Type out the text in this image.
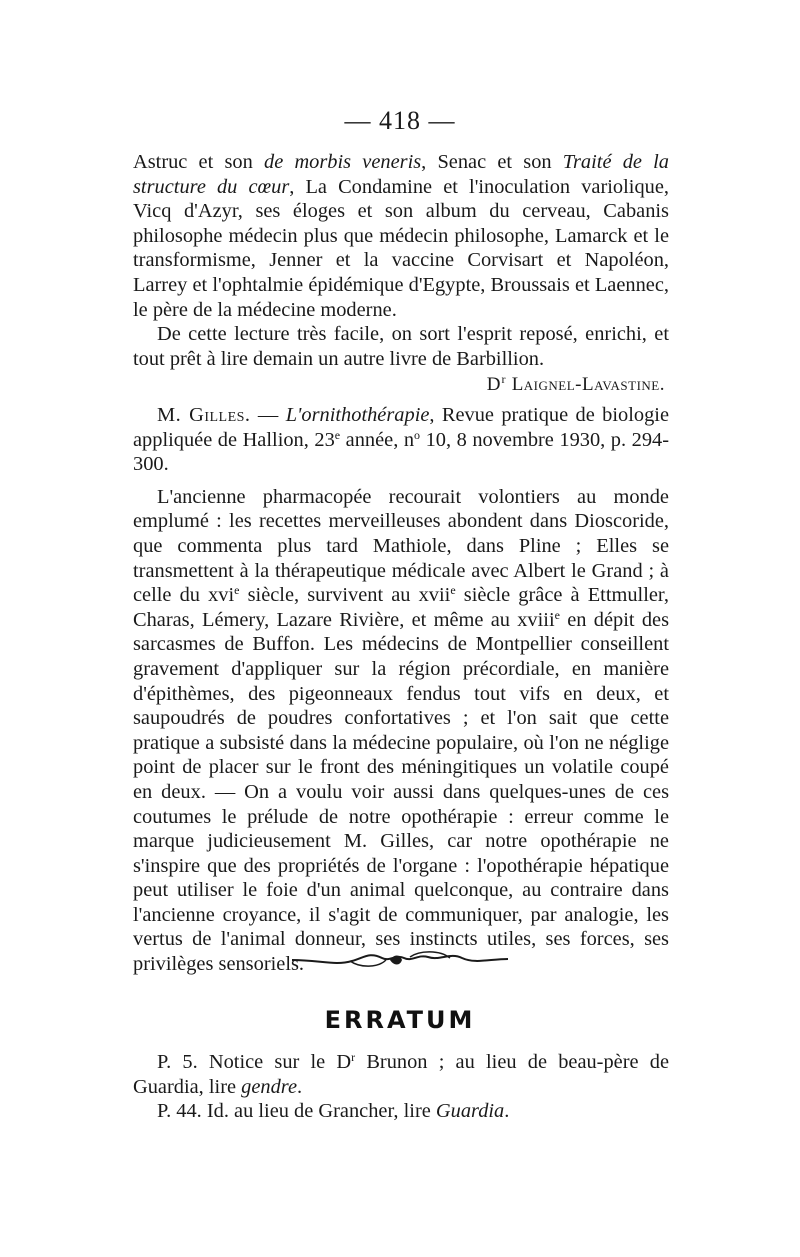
— 418 —

Astruc et son de morbis veneris, Senac et son Traité de la structure du cœur, La Condamine et l'inoculation variolique, Vicq d'Azyr, ses éloges et son album du cerveau, Cabanis philosophe médecin plus que médecin philosophe, Lamarck et le transformisme, Jenner et la vaccine Corvisart et Napoléon, Larrey et l'ophtalmie épidémique d'Egypte, Broussais et Laennec, le père de la médecine moderne.

De cette lecture très facile, on sort l'esprit reposé, enrichi, et tout prêt à lire demain un autre livre de Barbillion.

$D^r$ Laignel-Lavastine.

M. Gilles. — L'ornithothérapie, Revue pratique de biologie appliquée de Hallion, 23e année, $n^o$ 10, 8 novembre 1930, p. 294-300.

L'ancienne pharmacopée recourait volontiers au monde emplumé : les recettes merveilleuses abondent dans Dioscoride, que commenta plus tard Mathiole, dans Pline ; Elles se transmettent à la thérapeutique médicale avec Albert le Grand ; à celle du xvi$^e$ siècle, survivent au xvii$^e$ siècle grâce à Ettmuller, Charas, Lémery, Lazare Rivière, et même au xviii$^e$ en dépit des sarcasmes de Buffon. Les médecins de Montpellier conseillent gravement d'appliquer sur la région précordiale, en manière d'épithèmes, des pigeonneaux fendus tout vifs en deux, et saupoudrés de poudres confortatives ; et l'on sait que cette pratique a subsisté dans la médecine populaire, où l'on ne néglige point de placer sur le front des méningitiques un volatile coupé en deux. — On a voulu voir aussi dans quelques-unes de ces coutumes le prélude de notre opothérapie : erreur comme le marque judicieusement M. Gilles, car notre opothérapie ne s'inspire que des propriétés de l'organe : l'opothérapie hépatique peut utiliser le foie d'un animal quelconque, au contraire dans l'ancienne croyance, il s'agit de communiquer, par analogie, les vertus de l'animal donneur, ses instincts utiles, ses forces, ses privilèges sensoriels.

ERRATUM

P. 5. Notice sur le $D^r$ Brunon ; au lieu de beau-père de Guardia, lire gendre.

P. 44. Id. au lieu de Grancher, lire Guardia.
